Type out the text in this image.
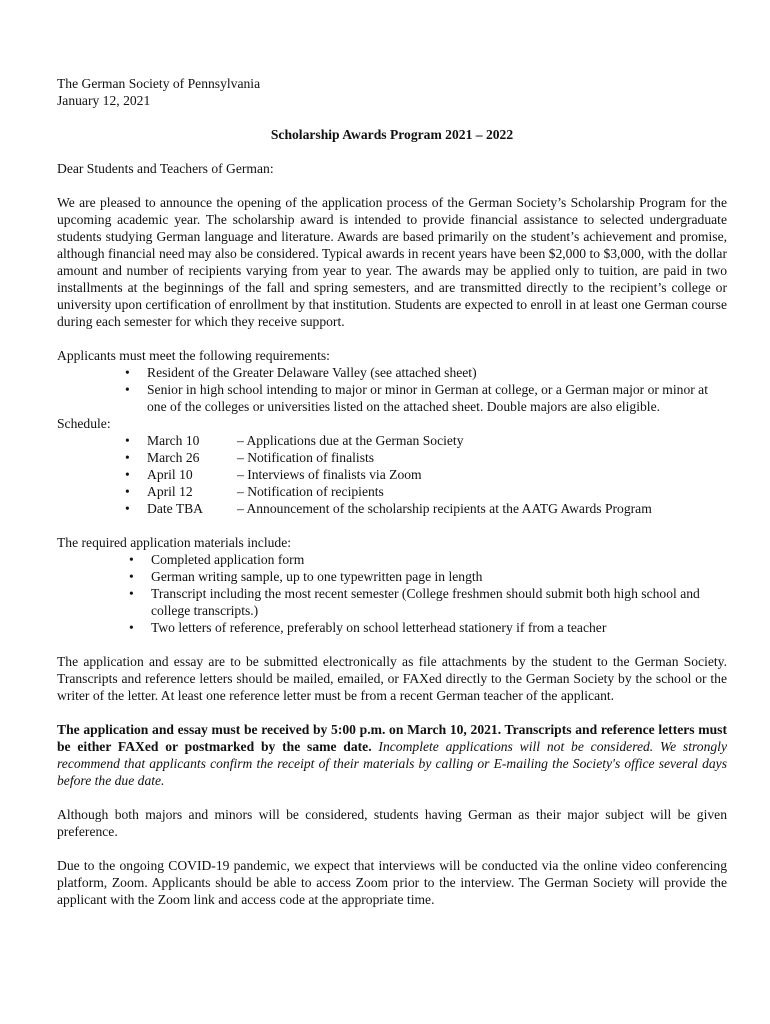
The German Society of Pennsylvania
January 12, 2021
Scholarship Awards Program 2021 – 2022
Dear Students and Teachers of German:
We are pleased to announce the opening of the application process of the German Society’s Scholarship Program for the upcoming academic year. The scholarship award is intended to provide financial assistance to selected undergraduate students studying German language and literature. Awards are based primarily on the student’s achievement and promise, although financial need may also be considered. Typical awards in recent years have been $2,000 to $3,000, with the dollar amount and number of recipients varying from year to year. The awards may be applied only to tuition, are paid in two installments at the beginnings of the fall and spring semesters, and are transmitted directly to the recipient’s college or university upon certification of enrollment by that institution. Students are expected to enroll in at least one German course during each semester for which they receive support.
Applicants must meet the following requirements:
• Resident of the Greater Delaware Valley (see attached sheet)
• Senior in high school intending to major or minor in German at college, or a German major or minor at one of the colleges or universities listed on the attached sheet. Double majors are also eligible.
Schedule:
• March 10	– Applications due at the German Society
• March 26	– Notification of finalists
• April 10	– Interviews of finalists via Zoom
• April 12	– Notification of recipients
• Date TBA – Announcement of the scholarship recipients at the AATG Awards Program
The required application materials include:
• Completed application form
• German writing sample, up to one typewritten page in length
• Transcript including the most recent semester (College freshmen should submit both high school and college transcripts.)
• Two letters of reference, preferably on school letterhead stationery if from a teacher
The application and essay are to be submitted electronically as file attachments by the student to the German Society. Transcripts and reference letters should be mailed, emailed, or FAXed directly to the German Society by the school or the writer of the letter. At least one reference letter must be from a recent German teacher of the applicant.
The application and essay must be received by 5:00 p.m. on March 10, 2021. Transcripts and reference letters must be either FAXed or postmarked by the same date. Incomplete applications will not be considered. We strongly recommend that applicants confirm the receipt of their materials by calling or E-mailing the Society's office several days before the due date.
Although both majors and minors will be considered, students having German as their major subject will be given preference.
Due to the ongoing COVID-19 pandemic, we expect that interviews will be conducted via the online video conferencing platform, Zoom. Applicants should be able to access Zoom prior to the interview. The German Society will provide the applicant with the Zoom link and access code at the appropriate time.
